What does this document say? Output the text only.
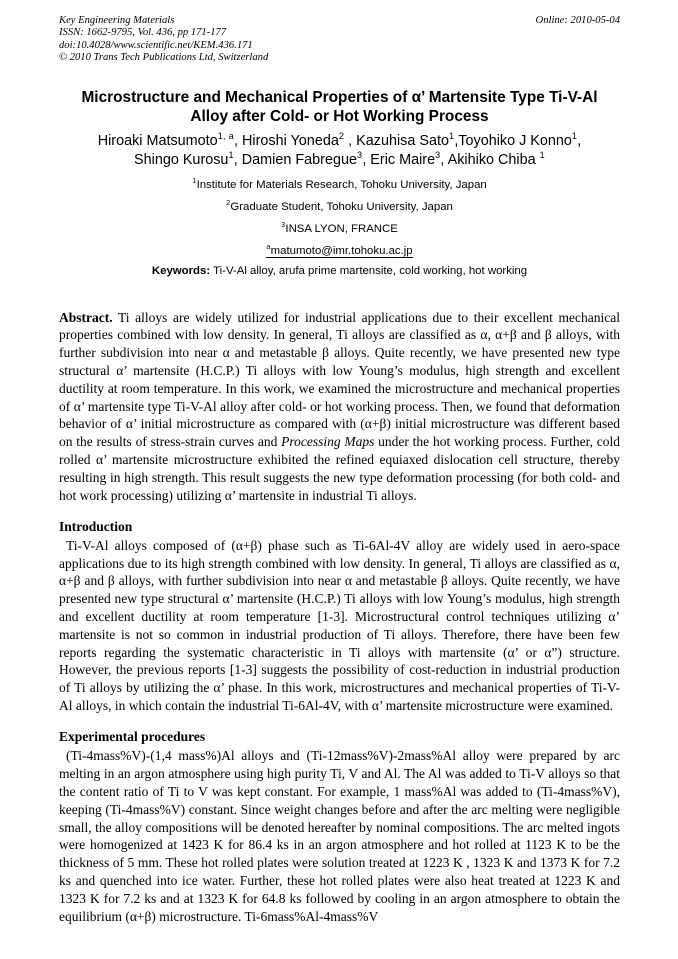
Key Engineering Materials
ISSN: 1662-9795, Vol. 436, pp 171-177
doi:10.4028/www.scientific.net/KEM.436.171
© 2010 Trans Tech Publications Ltd, Switzerland
Online: 2010-05-04
Microstructure and Mechanical Properties of α’ Martensite Type Ti-V-Al
Alloy after Cold- or Hot Working Process
Hiroaki Matsumoto$^{1, a}$, Hiroshi Yoneda$^2$ , Kazuhisa Sato$^1$,Toyohiko J Konno$^1$,
Shingo Kurosu$^1$, Damien Fabregue$^3$, Eric Maire$^3$, Akihiko Chiba $^1$
$^1$Institute for Materials Research, Tohoku University, Japan
$^2$Graduate Student, Tohoku University, Japan
$^3$INSA LYON, FRANCE
$^a$matumoto@imr.tohoku.ac.jp
Keywords: Ti-V-Al alloy, arufa prime martensite, cold working, hot working

Abstract. Ti alloys are widely utilized for industrial applications due to their excellent mechanical properties combined with low density. In general, Ti alloys are classified as α, α+β and β alloys, with further subdivision into near α and metastable β alloys. Quite recently, we have presented new type structural α’ martensite (H.C.P.) Ti alloys with low Young’s modulus, high strength and excellent ductility at room temperature. In this work, we examined the microstructure and mechanical properties of α’ martensite type Ti-V-Al alloy after cold- or hot working process. Then, we found that deformation behavior of α’ initial microstructure as compared with (α+β) initial microstructure was different based on the results of stress-strain curves and Processing Maps under the hot working process. Further, cold rolled α’ martensite microstructure exhibited the refined equiaxed dislocation cell structure, thereby resulting in high strength. This result suggests the new type deformation processing (for both cold- and hot work processing) utilizing α’ martensite in industrial Ti alloys.

Introduction

Ti-V-Al alloys composed of (α+β) phase such as Ti-6Al-4V alloy are widely used in aero-space applications due to its high strength combined with low density. In general, Ti alloys are classified as α, α+β and β alloys, with further subdivision into near α and metastable β alloys. Quite recently, we have presented new type structural α’ martensite (H.C.P.) Ti alloys with low Young’s modulus, high strength and excellent ductility at room temperature [1-3]. Microstructural control techniques utilizing α’ martensite is not so common in industrial production of Ti alloys. Therefore, there have been few reports regarding the systematic characteristic in Ti alloys with martensite (α’ or α”) structure. However, the previous reports [1-3] suggests the possibility of cost-reduction in industrial production of Ti alloys by utilizing the α’ phase. In this work, microstructures and mechanical properties of Ti-V-Al alloys, in which contain the industrial Ti-6Al-4V, with α’ martensite microstructure were examined.

Experimental procedures

(Ti-4mass%V)-(1,4 mass%)Al alloys and (Ti-12mass%V)-2mass%Al alloy were prepared by arc melting in an argon atmosphere using high purity Ti, V and Al. The Al was added to Ti-V alloys so that the content ratio of Ti to V was kept constant. For example, 1 mass%Al was added to (Ti-4mass%V), keeping (Ti-4mass%V) constant. Since weight changes before and after the arc melting were negligible small, the alloy compositions will be denoted hereafter by nominal compositions. The arc melted ingots were homogenized at 1423 K for 86.4 ks in an argon atmosphere and hot rolled at 1123 K to be the thickness of 5 mm. These hot rolled plates were solution treated at 1223 K , 1323 K and 1373 K for 7.2 ks and quenched into ice water. Further, these hot rolled plates were also heat treated at 1223 K and 1323 K for 7.2 ks and at 1323 K for 64.8 ks followed by cooling in an argon atmosphere to obtain the equilibrium (α+β) microstructure. Ti-6mass%Al-4mass%V
